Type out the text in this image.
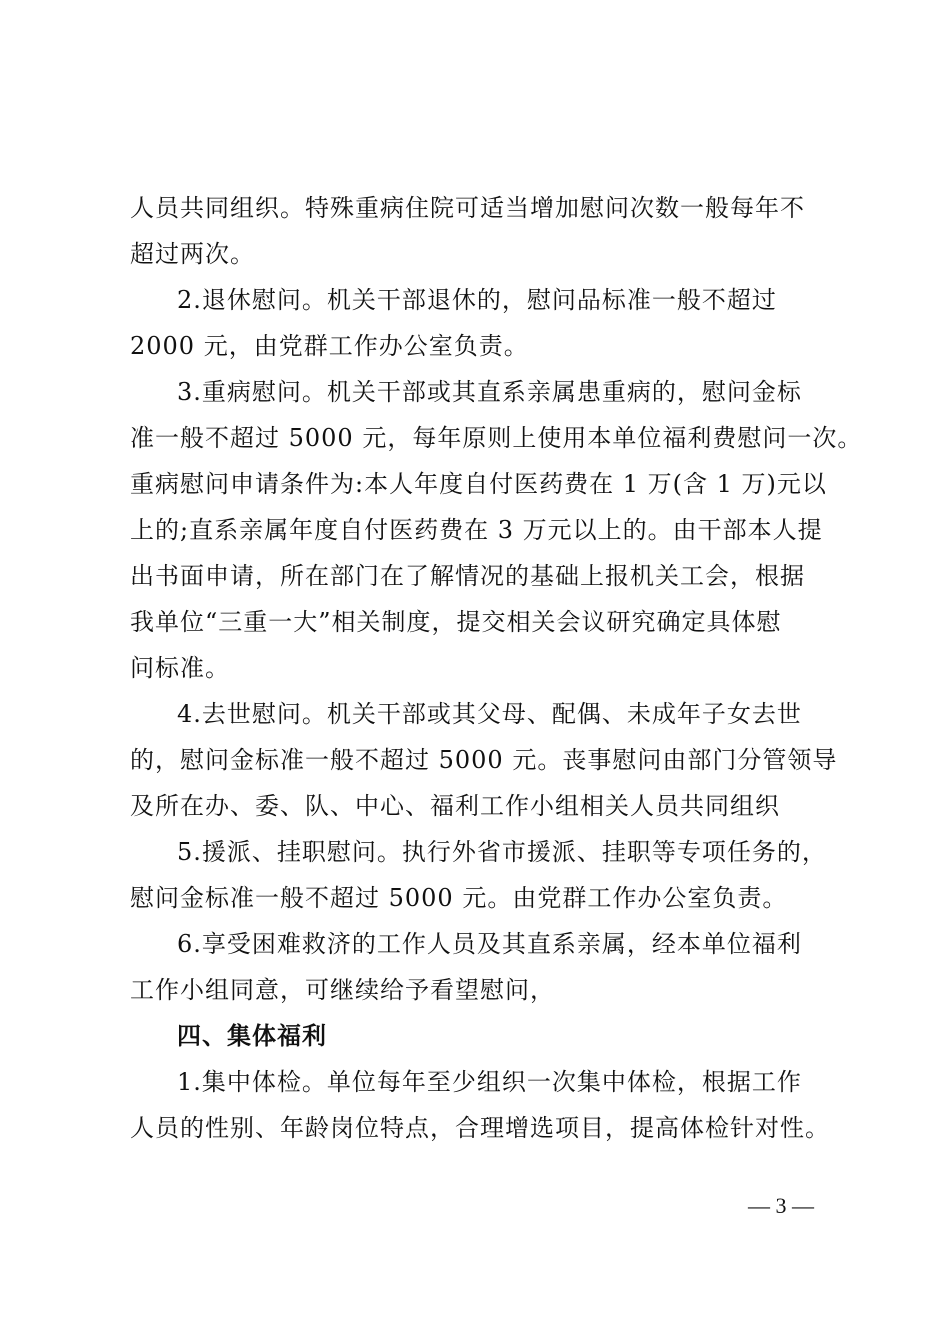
人员共同组织。特殊重病住院可适当增加慰问次数一般每年不
超过两次。
2.退休慰问。机关干部退休的，慰问品标准一般不超过
2000 元，由党群工作办公室负责。
3.重病慰问。机关干部或其直系亲属患重病的，慰问金标
准一般不超过 5000 元，每年原则上使用本单位福利费慰问一次。
重病慰问申请条件为:本人年度自付医药费在 1 万(含 1 万)元以
上的;直系亲属年度自付医药费在 3 万元以上的。由干部本人提
出书面申请，所在部门在了解情况的基础上报机关工会，根据
我单位“三重一大”相关制度，提交相关会议研究确定具体慰
问标准。
4.去世慰问。机关干部或其父母、配偶、未成年子女去世
的，慰问金标准一般不超过 5000 元。丧事慰问由部门分管领导
及所在办、委、队、中心、福利工作小组相关人员共同组织
5.援派、挂职慰问。执行外省市援派、挂职等专项任务的，
慰问金标准一般不超过 5000 元。由党群工作办公室负责。
6.享受困难救济的工作人员及其直系亲属，经本单位福利
工作小组同意，可继续给予看望慰问，
四、集体福利
1.集中体检。单位每年至少组织一次集中体检，根据工作
人员的性别、年龄岗位特点，合理增选项目，提高体检针对性。
— 3 —
